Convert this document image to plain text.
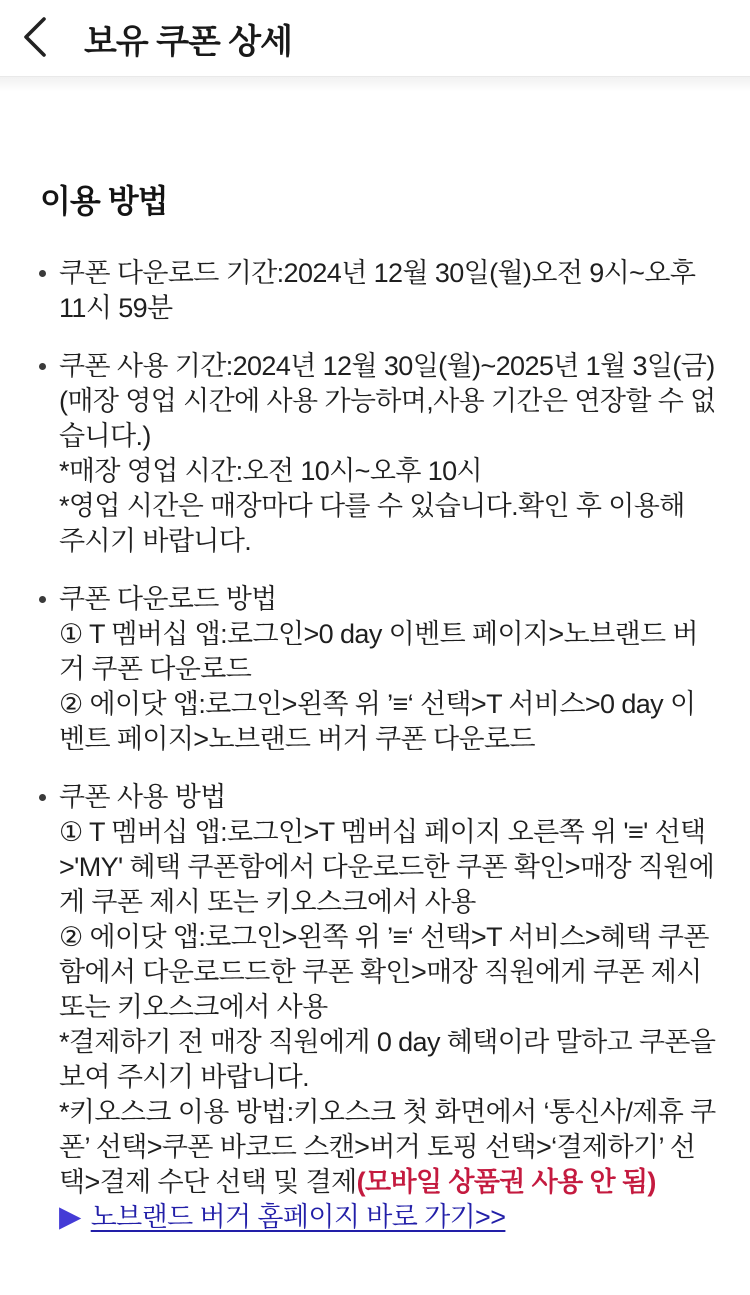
보유 쿠폰 상세
이용 방법
쿠폰 다운로드 기간:2024년 12월 30일(월)오전 9시~오후 11시 59분
쿠폰 사용 기간:2024년 12월 30일(월)~2025년 1월 3일(금)(매장 영업 시간에 사용 가능하며,사용 기간은 연장할 수 없습니다.)
*매장 영업 시간:오전 10시~오후 10시
*영업 시간은 매장마다 다를 수 있습니다.확인 후 이용해 주시기 바랍니다.
쿠폰 다운로드 방법
① T 멤버십 앱:로그인>0 day 이벤트 페이지>노브랜드 버거 쿠폰 다운로드
② 에이닷 앱:로그인>왼쪽 위 ’≡‘ 선택>T 서비스>0 day 이벤트 페이지>노브랜드 버거 쿠폰 다운로드
쿠폰 사용 방법
① T 멤버십 앱:로그인>T 멤버십 페이지 오른쪽 위 '≡' 선택>'MY' 혜택 쿠폰함에서 다운로드한 쿠폰 확인>매장 직원에게 쿠폰 제시 또는 키오스크에서 사용
② 에이닷 앱:로그인>왼쪽 위 ’≡‘ 선택>T 서비스>혜택 쿠폰함에서 다운로드드한 쿠폰 확인>매장 직원에게 쿠폰 제시 또는 키오스크에서 사용
*결제하기 전 매장 직원에게 0 day 혜택이라 말하고 쿠폰을 보여 주시기 바랍니다.
*키오스크 이용 방법:키오스크 첫 화면에서 ‘통신사/제휴 쿠폰’ 선택>쿠폰 바코드 스캔>버거 토핑 선택>‘결제하기’ 선택>결제 수단 선택 및 결제(모바일 상품권 사용 안 됨)
▶ 노브랜드 버거 홈페이지 바로 가기>>
